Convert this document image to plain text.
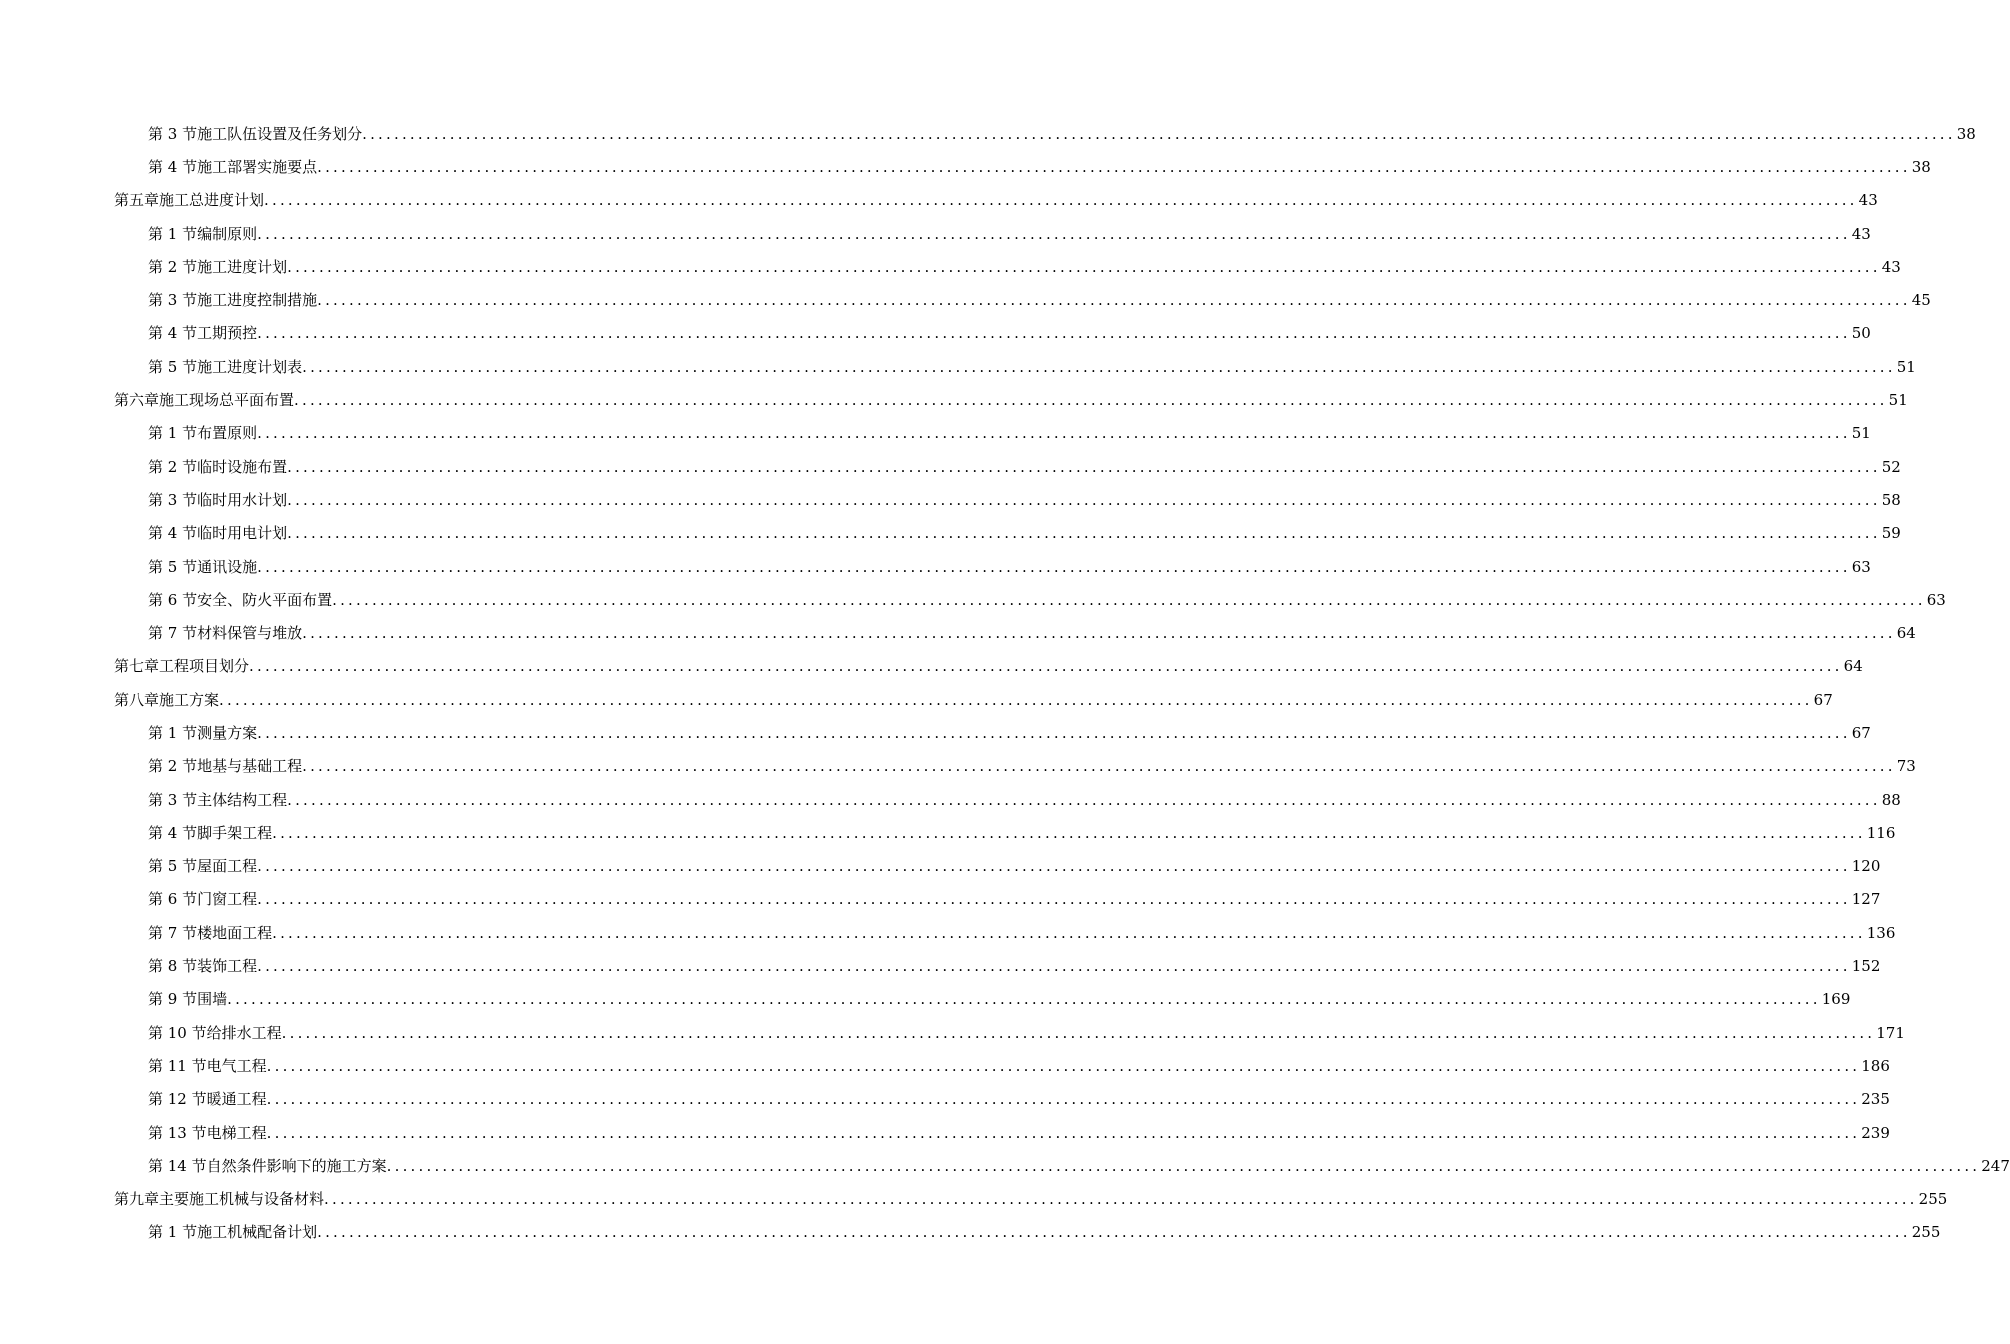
第 3 节 施工队伍设置及任务划分 ........................................................................................................................................................................................................ 38
第 4 节 施工部署实施要点 ........................................................................................................................................................................................................ 38
第五章 施工总进度计划 ........................................................................................................................................................................................................ 43
第 1 节 编制原则 ........................................................................................................................................................................................................ 43
第 2 节 施工进度计划 ........................................................................................................................................................................................................ 43
第 3 节 施工进度控制措施 ........................................................................................................................................................................................................ 45
第 4 节 工期预控 ........................................................................................................................................................................................................ 50
第 5 节 施工进度计划表 ........................................................................................................................................................................................................ 51
第六章 施工现场总平面布置 ........................................................................................................................................................................................................ 51
第 1 节 布置原则 ........................................................................................................................................................................................................ 51
第 2 节 临时设施布置 ........................................................................................................................................................................................................ 52
第 3 节 临时用水计划 ........................................................................................................................................................................................................ 58
第 4 节 临时用电计划 ........................................................................................................................................................................................................ 59
第 5 节 通讯设施 ........................................................................................................................................................................................................ 63
第 6 节 安全、防火平面布置 ........................................................................................................................................................................................................ 63
第 7 节 材料保管与堆放 ........................................................................................................................................................................................................ 64
第七章 工程项目划分 ........................................................................................................................................................................................................ 64
第八章 施工方案 ........................................................................................................................................................................................................ 67
第 1 节 测量方案 ........................................................................................................................................................................................................ 67
第 2 节 地基与基础工程 ........................................................................................................................................................................................................ 73
第 3 节 主体结构工程 ........................................................................................................................................................................................................ 88
第 4 节 脚手架工程 ........................................................................................................................................................................................................ 116
第 5 节 屋面工程 ........................................................................................................................................................................................................ 120
第 6 节 门窗工程 ........................................................................................................................................................................................................ 127
第 7 节 楼地面工程 ........................................................................................................................................................................................................ 136
第 8 节 装饰工程 ........................................................................................................................................................................................................ 152
第 9 节 围墙 ........................................................................................................................................................................................................ 169
第 10 节 给排水工程 ........................................................................................................................................................................................................ 171
第 11 节 电气工程 ........................................................................................................................................................................................................ 186
第 12 节 暖通工程 ........................................................................................................................................................................................................ 235
第 13 节 电梯工程 ........................................................................................................................................................................................................ 239
第 14 节 自然条件影响下的施工方案 ........................................................................................................................................................................................................ 247
第九章 主要施工机械与设备材料 ........................................................................................................................................................................................................ 255
第 1 节 施工机械配备计划 ........................................................................................................................................................................................................ 255
